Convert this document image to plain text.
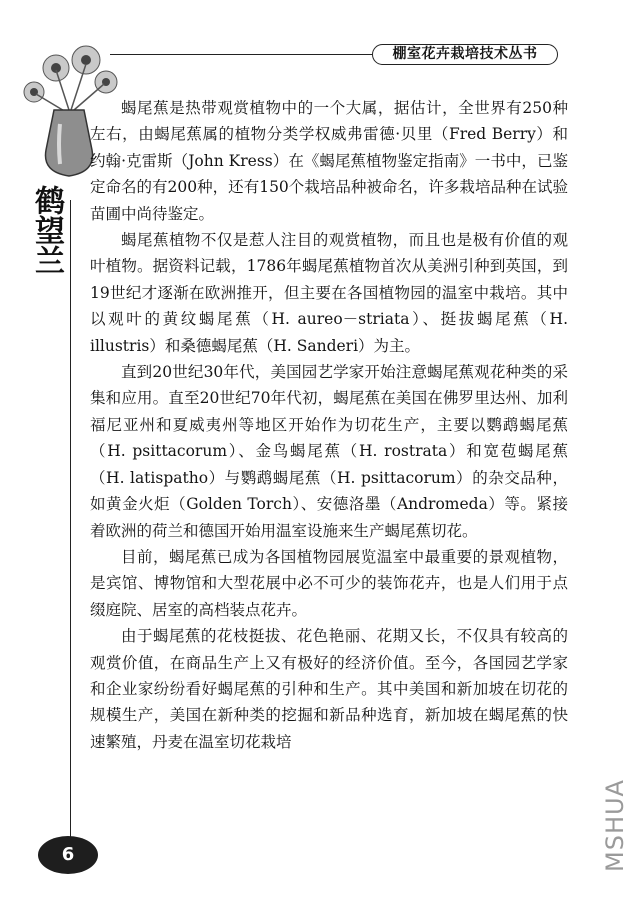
棚室花卉栽培技术丛书
鹤望兰

蝎尾蕉是热带观赏植物中的一个大属，据估计，全世界有250种左右，由蝎尾蕉属的植物分类学权威弗雷德·贝里（Fred Berry）和约翰·克雷斯（John Kress）在《蝎尾蕉植物鉴定指南》一书中，已鉴定命名的有200种，还有150个栽培品种被命名，许多栽培品种在试验苗圃中尚待鉴定。

蝎尾蕉植物不仅是惹人注目的观赏植物，而且也是极有价值的观叶植物。据资料记载，1786年蝎尾蕉植物首次从美洲引种到英国，到19世纪才逐渐在欧洲推开，但主要在各国植物园的温室中栽培。其中以观叶的黄纹蝎尾蕉（H. aureo－striata）、挺拔蝎尾蕉（H. illustris）和桑德蝎尾蕉（H. Sanderi）为主。

直到20世纪30年代，美国园艺学家开始注意蝎尾蕉观花种类的采集和应用。直至20世纪70年代初，蝎尾蕉在美国在佛罗里达州、加利福尼亚州和夏威夷州等地区开始作为切花生产，主要以鹦鹉蝎尾蕉（H. psittacorum）、金鸟蝎尾蕉（H. rostrata）和宽苞蝎尾蕉（H. latispatho）与鹦鹉蝎尾蕉（H. psittacorum）的杂交品种，如黄金火炬（Golden Torch）、安德洛墨（Andromeda）等。紧接着欧洲的荷兰和德国开始用温室设施来生产蝎尾蕉切花。

目前，蝎尾蕉已成为各国植物园展览温室中最重要的景观植物，是宾馆、博物馆和大型花展中必不可少的装饰花卉，也是人们用于点缀庭院、居室的高档装点花卉。

由于蝎尾蕉的花枝挺拔、花色艳丽、花期又长，不仅具有较高的观赏价值，在商品生产上又有极好的经济价值。至今，各国园艺学家和企业家纷纷看好蝎尾蕉的引种和生产。其中美国和新加坡在切花的规模生产，美国在新种类的挖掘和新品种选育，新加坡在蝎尾蕉的快速繁殖，丹麦在温室切花栽培

6	MSHUA
